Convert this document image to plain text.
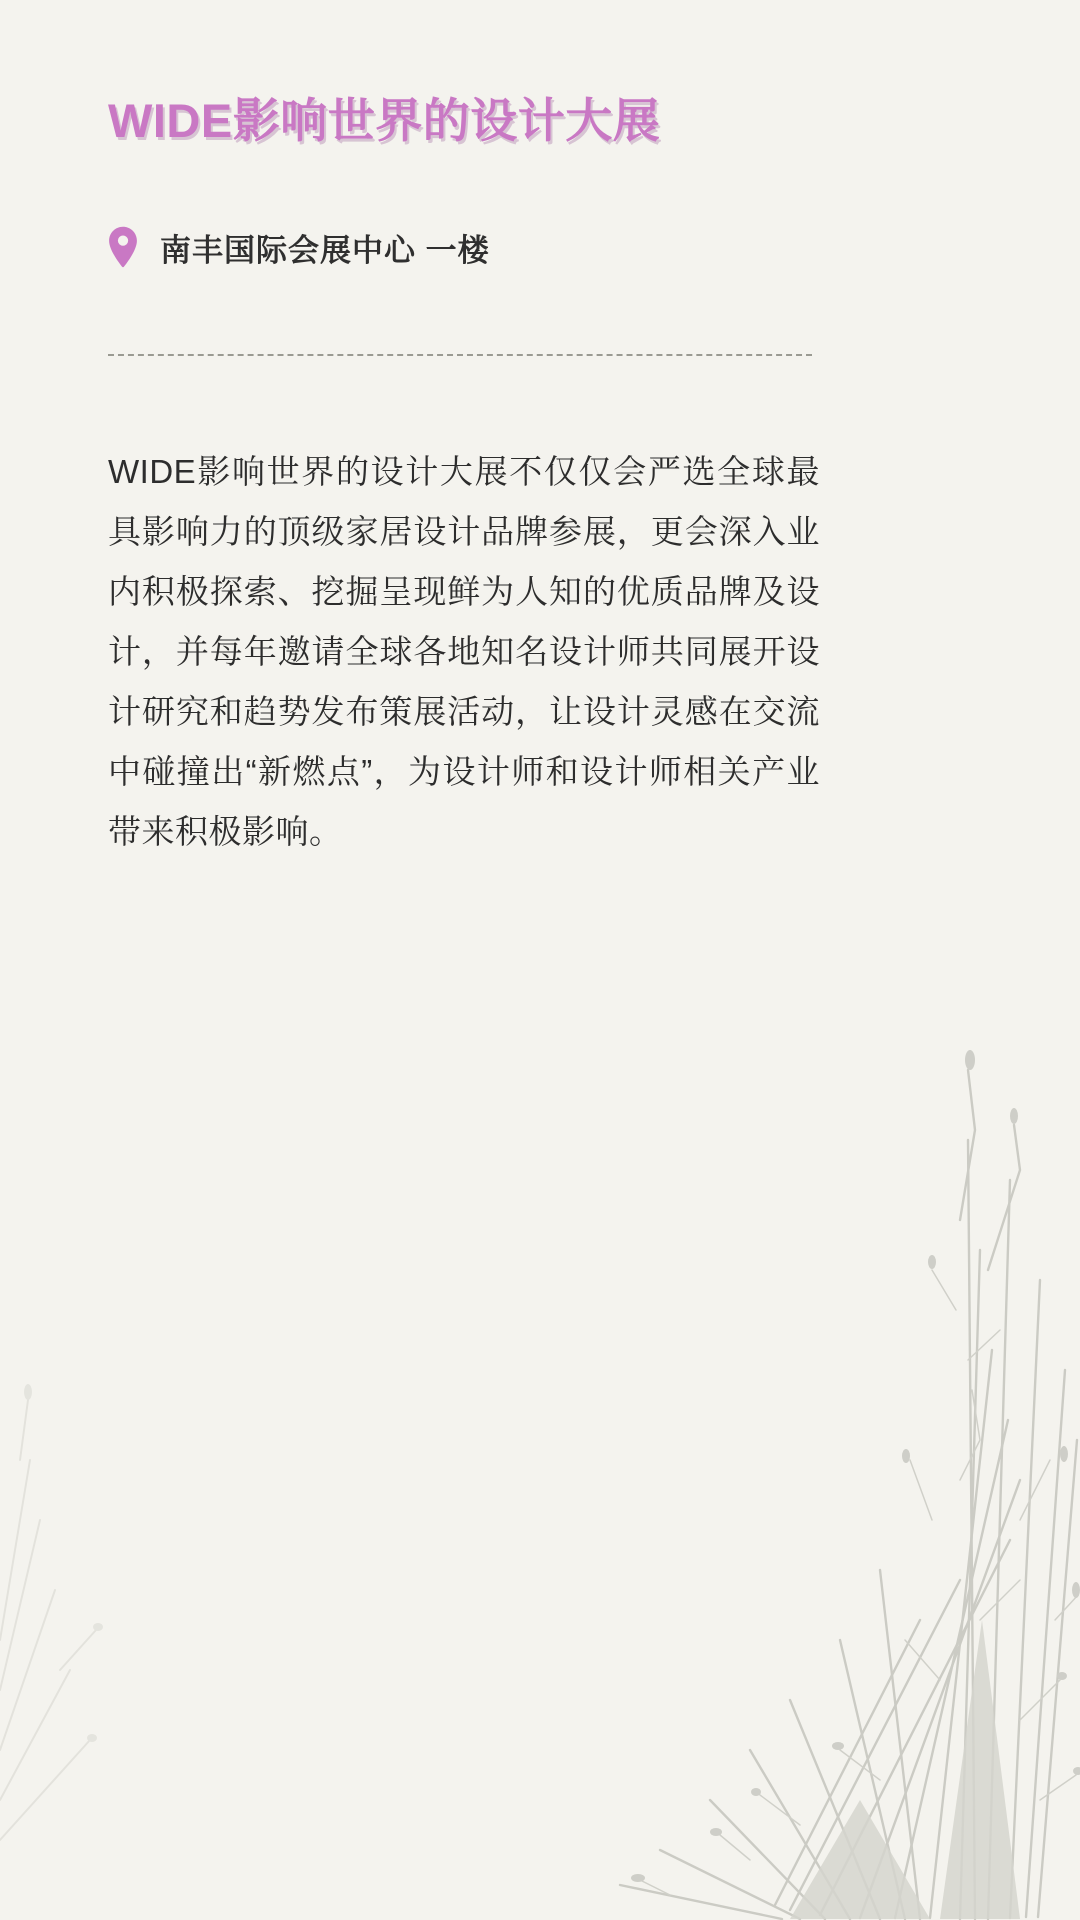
WIDE影响世界的设计大展
南丰国际会展中心 一楼

WIDE影响世界的设计大展不仅仅会严选全球最具影响力的顶级家居设计品牌参展，更会深入业内积极探索、挖掘呈现鲜为人知的优质品牌及设计，并每年邀请全球各地知名设计师共同展开设计研究和趋势发布策展活动，让设计灵感在交流中碰撞出“新燃点”，为设计师和设计师相关产业带来积极影响。
